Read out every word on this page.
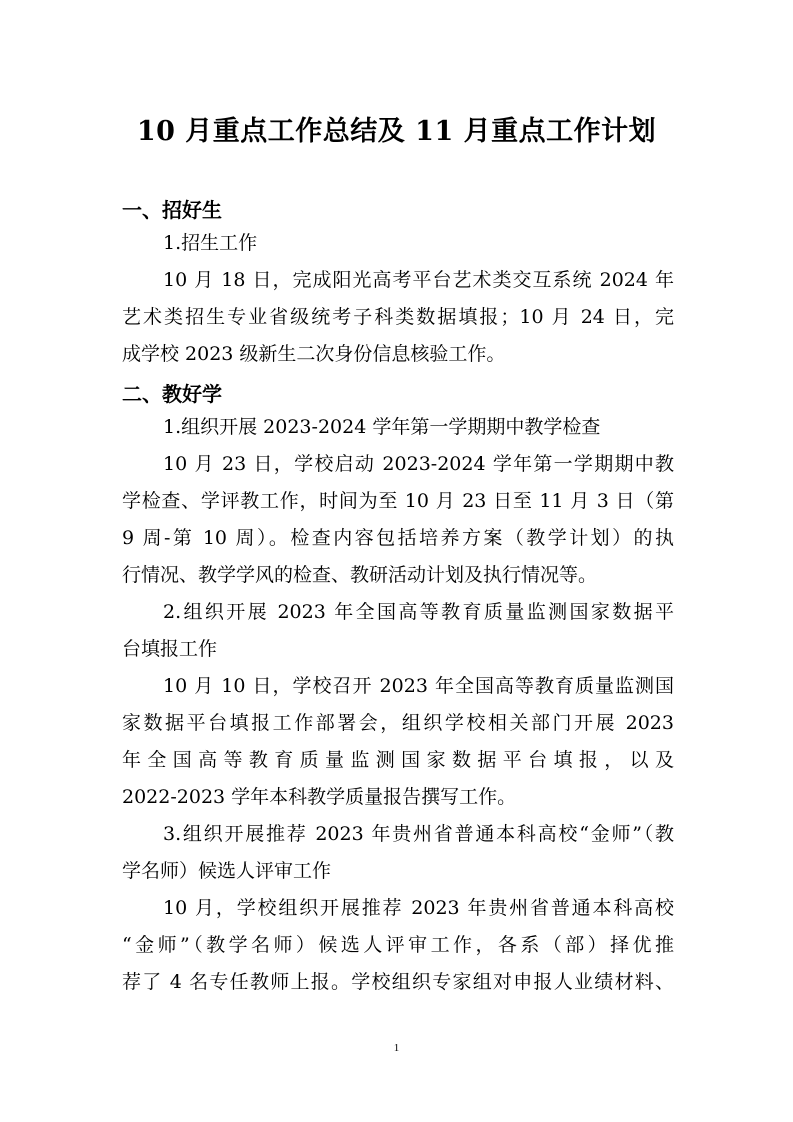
10 月重点工作总结及 11 月重点工作计划
一、招好生
1.招生工作
10 月 18 日，完成阳光高考平台艺术类交互系统 2024 年
艺术类招生专业省级统考子科类数据填报；10 月 24 日，完
成学校 2023 级新生二次身份信息核验工作。
二、教好学
1.组织开展 2023-2024 学年第一学期期中教学检查
10 月 23 日，学校启动 2023-2024 学年第一学期期中教
学检查、学评教工作，时间为至 10 月 23 日至 11 月 3 日（第
9 周-第 10 周）。检查内容包括培养方案（教学计划）的执
行情况、教学学风的检查、教研活动计划及执行情况等。
2.组织开展 2023 年全国高等教育质量监测国家数据平
台填报工作
10 月 10 日，学校召开 2023 年全国高等教育质量监测国
家数据平台填报工作部署会，组织学校相关部门开展 2023
年全国高等教育质量监测国家数据平台填报，以及
2022-2023 学年本科教学质量报告撰写工作。
3.组织开展推荐 2023 年贵州省普通本科高校“金师”（教
学名师）候选人评审工作
10 月，学校组织开展推荐 2023 年贵州省普通本科高校
“金师”（教学名师）候选人评审工作，各系（部）择优推
荐了 4 名专任教师上报。学校组织专家组对申报人业绩材料、
1
